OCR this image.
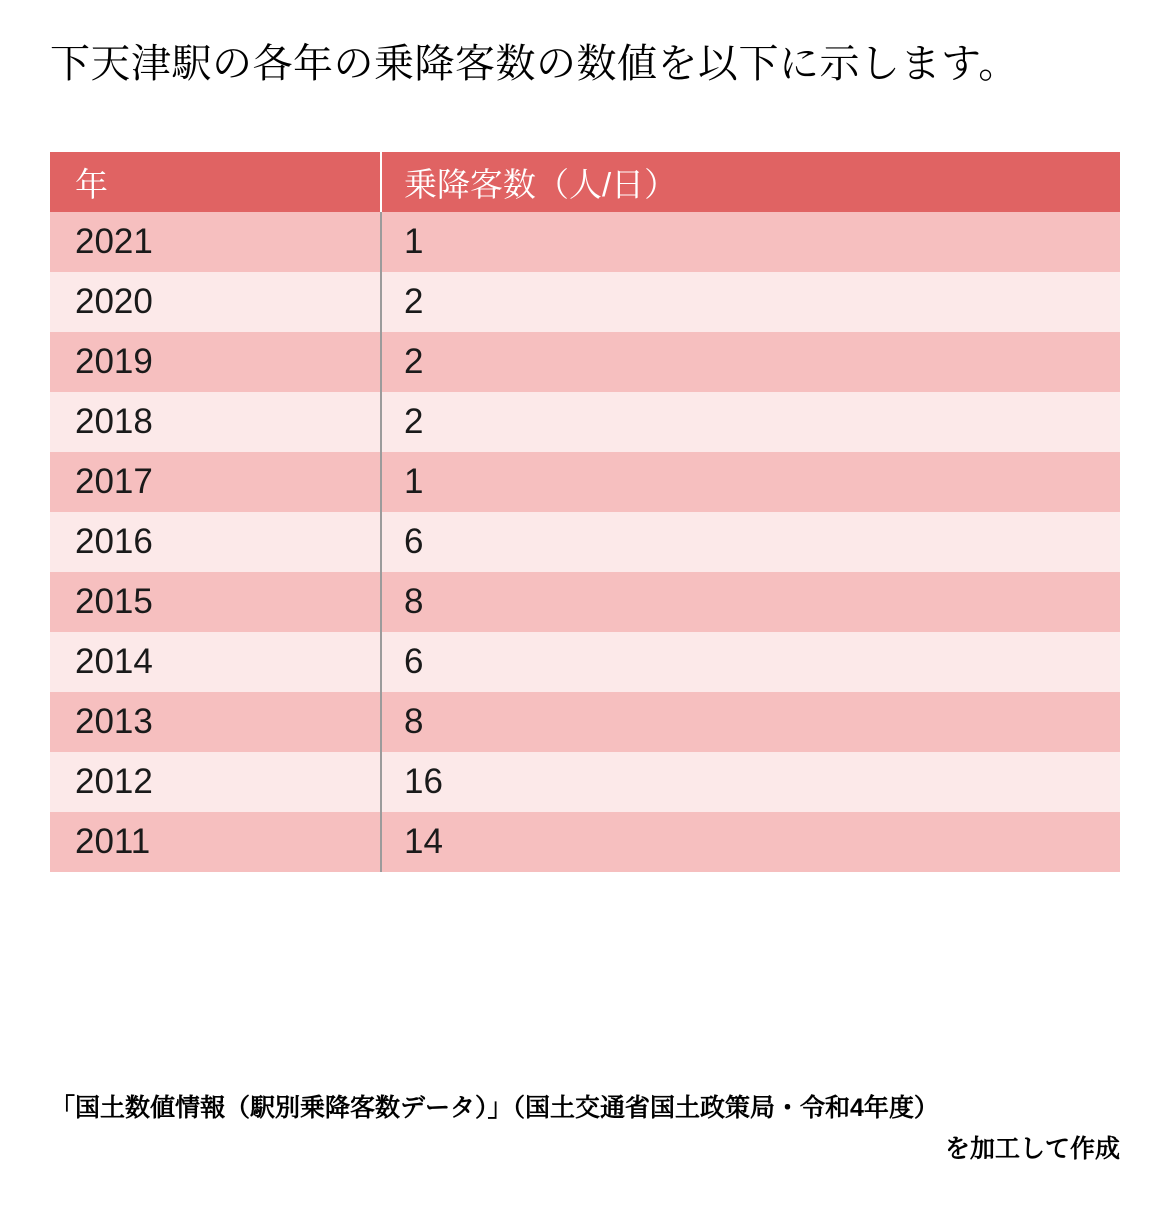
下天津駅の各年の乗降客数の数値を以下に示します。
年	乗降客数（人/日）
2021	1
2020	2
2019	2
2018	2
2017	1
2016	6
2015	8
2014	6
2013	8
2012	16
2011	14
「国土数値情報（駅別乗降客数データ）」（国土交通省国土政策局・令和4年度）
を加工して作成
